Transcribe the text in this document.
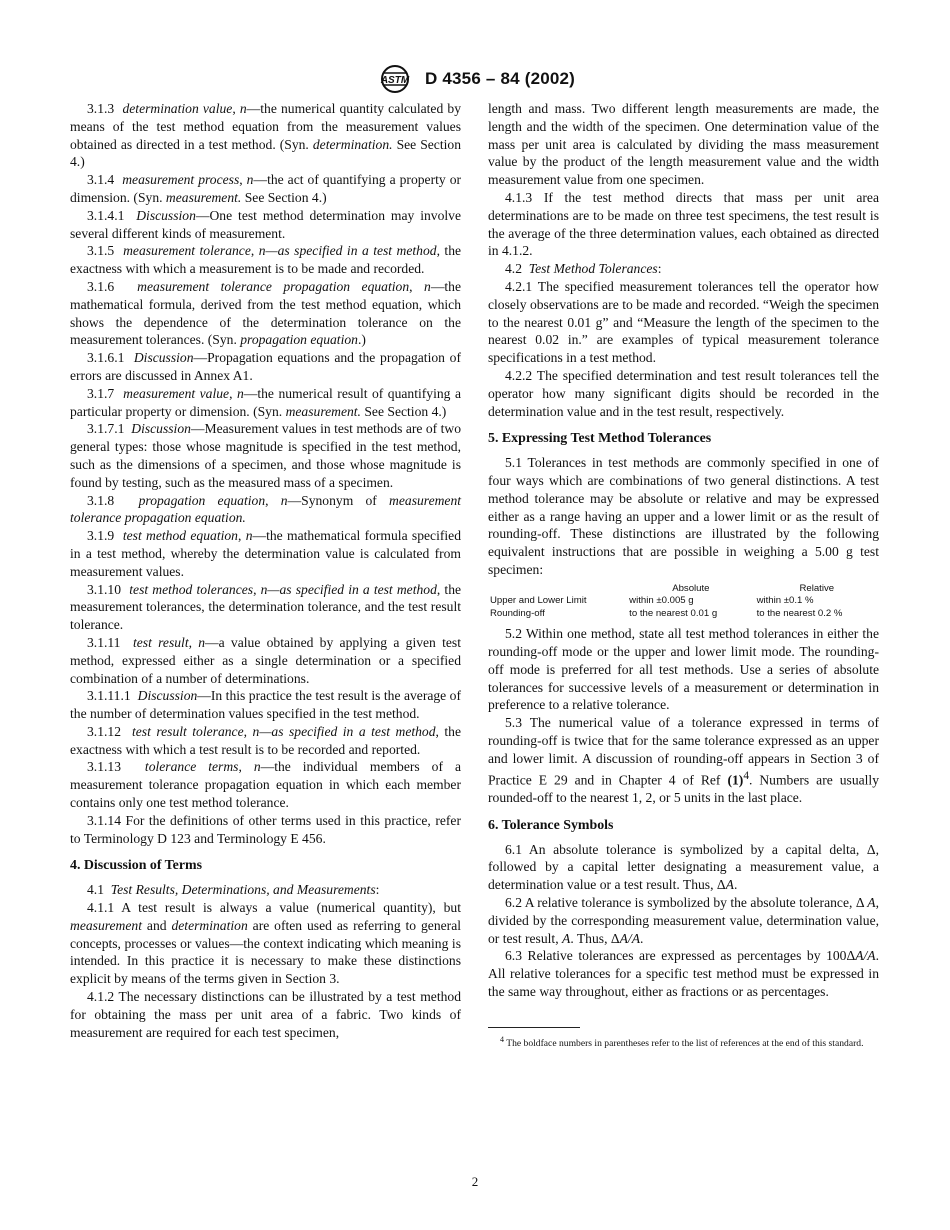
ASTM D 4356 – 84 (2002)

3.1.3 determination value, n—the numerical quantity calculated by means of the test method equation from the measurement values obtained as directed in a test method. (Syn. determination. See Section 4.)

3.1.4 measurement process, n—the act of quantifying a property or dimension. (Syn. measurement. See Section 4.)

3.1.4.1 Discussion—One test method determination may involve several different kinds of measurement.

3.1.5 measurement tolerance, n—as specified in a test method, the exactness with which a measurement is to be made and recorded.

3.1.6 measurement tolerance propagation equation, n—the mathematical formula, derived from the test method equation, which shows the dependence of the determination tolerance on the measurement tolerances. (Syn. propagation equation.)

3.1.6.1 Discussion—Propagation equations and the propagation of errors are discussed in Annex A1.

3.1.7 measurement value, n—the numerical result of quantifying a particular property or dimension. (Syn. measurement. See Section 4.)

3.1.7.1 Discussion—Measurement values in test methods are of two general types: those whose magnitude is specified in the test method, such as the dimensions of a specimen, and those whose magnitude is found by testing, such as the measured mass of a specimen.

3.1.8 propagation equation, n—Synonym of measurement tolerance propagation equation.

3.1.9 test method equation, n—the mathematical formula specified in a test method, whereby the determination value is calculated from measurement values.

3.1.10 test method tolerances, n—as specified in a test method, the measurement tolerances, the determination tolerance, and the test result tolerance.

3.1.11 test result, n—a value obtained by applying a given test method, expressed either as a single determination or a specified combination of a number of determinations.

3.1.11.1 Discussion—In this practice the test result is the average of the number of determination values specified in the test method.

3.1.12 test result tolerance, n—as specified in a test method, the exactness with which a test result is to be recorded and reported.

3.1.13 tolerance terms, n—the individual members of a measurement tolerance propagation equation in which each member contains only one test method tolerance.

3.1.14 For the definitions of other terms used in this practice, refer to Terminology D 123 and Terminology E 456.

4. Discussion of Terms

4.1 Test Results, Determinations, and Measurements:

4.1.1 A test result is always a value (numerical quantity), but measurement and determination are often used as referring to general concepts, processes or values—the context indicating which meaning is intended. In this practice it is necessary to make these distinctions explicit by means of the terms given in Section 3.

4.1.2 The necessary distinctions can be illustrated by a test method for obtaining the mass per unit area of a fabric. Two kinds of measurement are required for each test specimen,

length and mass. Two different length measurements are made, the length and the width of the specimen. One determination value of the mass per unit area is calculated by dividing the mass measurement value by the product of the length measurement value and the width measurement value from one specimen.

4.1.3 If the test method directs that mass per unit area determinations are to be made on three test specimens, the test result is the average of the three determination values, each obtained as directed in 4.1.2.

4.2 Test Method Tolerances:

4.2.1 The specified measurement tolerances tell the operator how closely observations are to be made and recorded. “Weigh the specimen to the nearest 0.01 g” and “Measure the length of the specimen to the nearest 0.02 in.” are examples of typical measurement tolerance specifications in a test method.

4.2.2 The specified determination and test result tolerances tell the operator how many significant digits should be recorded in the determination value and in the test result, respectively.

5. Expressing Test Method Tolerances

5.1 Tolerances in test methods are commonly specified in one of four ways which are combinations of two general distinctions. A test method tolerance may be absolute or relative and may be expressed either as a range having an upper and a lower limit or as the result of rounding-off. These distinctions are illustrated by the following equivalent instructions that are possible in weighing a 5.00 g test specimen:

	Absolute	Relative
Upper and Lower Limit	within ±0.005 g	within ±0.1 %
Rounding-off	to the nearest 0.01 g	to the nearest 0.2 %

5.2 Within one method, state all test method tolerances in either the rounding-off mode or the upper and lower limit mode. The rounding-off mode is preferred for all test methods. Use a series of absolute tolerances for successive levels of a measurement or determination in preference to a relative tolerance.

5.3 The numerical value of a tolerance expressed in terms of rounding-off is twice that for the same tolerance expressed as an upper and lower limit. A discussion of rounding-off appears in Section 3 of Practice E 29 and in Chapter 4 of Ref $(1)^4$. Numbers are usually rounded-off to the nearest 1, 2, or 5 units in the last place.

6. Tolerance Symbols

6.1 An absolute tolerance is symbolized by a capital delta, Δ, followed by a capital letter designating a measurement value, a determination value or a test result. Thus, ΔA.

6.2 A relative tolerance is symbolized by the absolute tolerance, Δ A, divided by the corresponding measurement value, determination value, or test result, A. Thus, ΔA/A.

6.3 Relative tolerances are expressed as percentages by 100ΔA/A. All relative tolerances for a specific test method must be expressed in the same way throughout, either as fractions or as percentages.

$^4$ The boldface numbers in parentheses refer to the list of references at the end of this standard.

2
